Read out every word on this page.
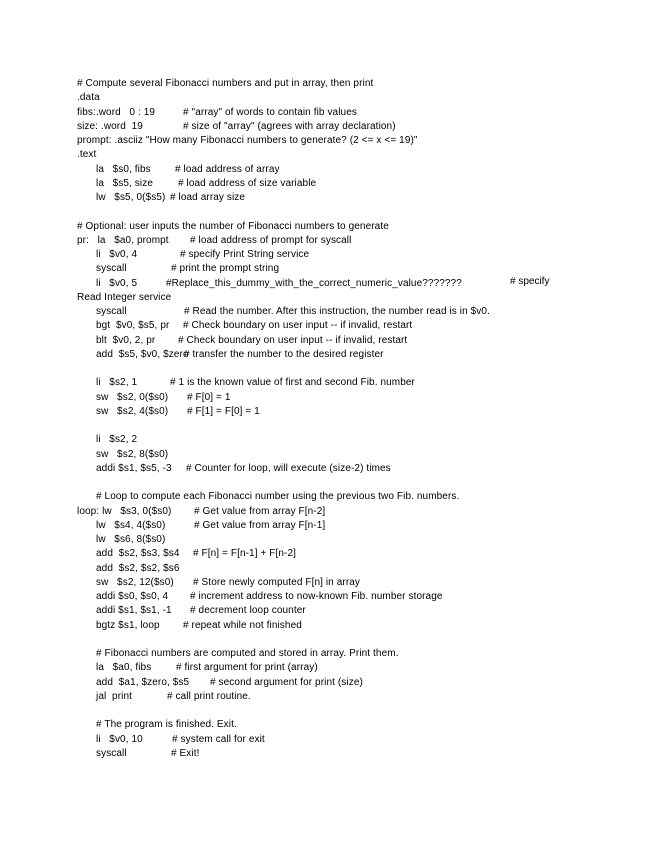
# Compute several Fibonacci numbers and put in array, then print
.data
fibs:.word   0 : 19	# "array" of words to contain fib values
size: .word  19	# size of "array" (agrees with array declaration)
prompt: .asciiz "How many Fibonacci numbers to generate? (2 <= x <= 19)"
.text
la   $s0, fibs # load address of array
la   $s5, size	# load address of size variable
lw   $s5, 0($s5) # load array size
# Optional: user inputs the number of Fibonacci numbers to generate
pr:   la   $a0, prompt # load address of prompt for syscall
li   $v0, 4	# specify Print String service
syscall	# print the prompt string
li   $v0, 5	#Replace_this_dummy_with_the_correct_numeric_value???????
Read Integer service
syscall	# Read the number. After this instruction, the number read is in $v0.
bgt  $v0, $s5, pr # Check boundary on user input -- if invalid, restart
blt  $v0, 2, pr # Check boundary on user input -- if invalid, restart
add  $s5, $v0, $zero
# transfer the number to the desired register
li   $s2, 1	# 1 is the known value of first and second Fib. number
sw   $s2, 0($s0) # F[0] = 1
sw   $s2, 4($s0) # F[1] = F[0] = 1
li   $s2, 2
sw   $s2, 8($s0)
addi $s1, $s5, -3 # Counter for loop, will execute (size-2) times
# Loop to compute each Fibonacci number using the previous two Fib. numbers.
loop: lw   $s3, 0($s0) # Get value from array F[n-2]
lw   $s4, 4($s0)	# Get value from array F[n-1]
lw   $s6, 8($s0)
add  $s2, $s3, $s4 # F[n] = F[n-1] + F[n-2]
add  $s2, $s2, $s6
sw   $s2, 12($s0) # Store newly computed F[n] in array
addi $s0, $s0, 4 # increment address to now-known Fib. number storage
addi $s1, $s1, -1 # decrement loop counter
bgtz $s1, loop # repeat while not finished
# Fibonacci numbers are computed and stored in array. Print them.
la   $a0, fibs # first argument for print (array)
add  $a1, $zero, $s5 # second argument for print (size)
jal  print	# call print routine.
# The program is finished. Exit.
li   $v0, 10	# system call for exit
syscall	# Exit!
# specify
